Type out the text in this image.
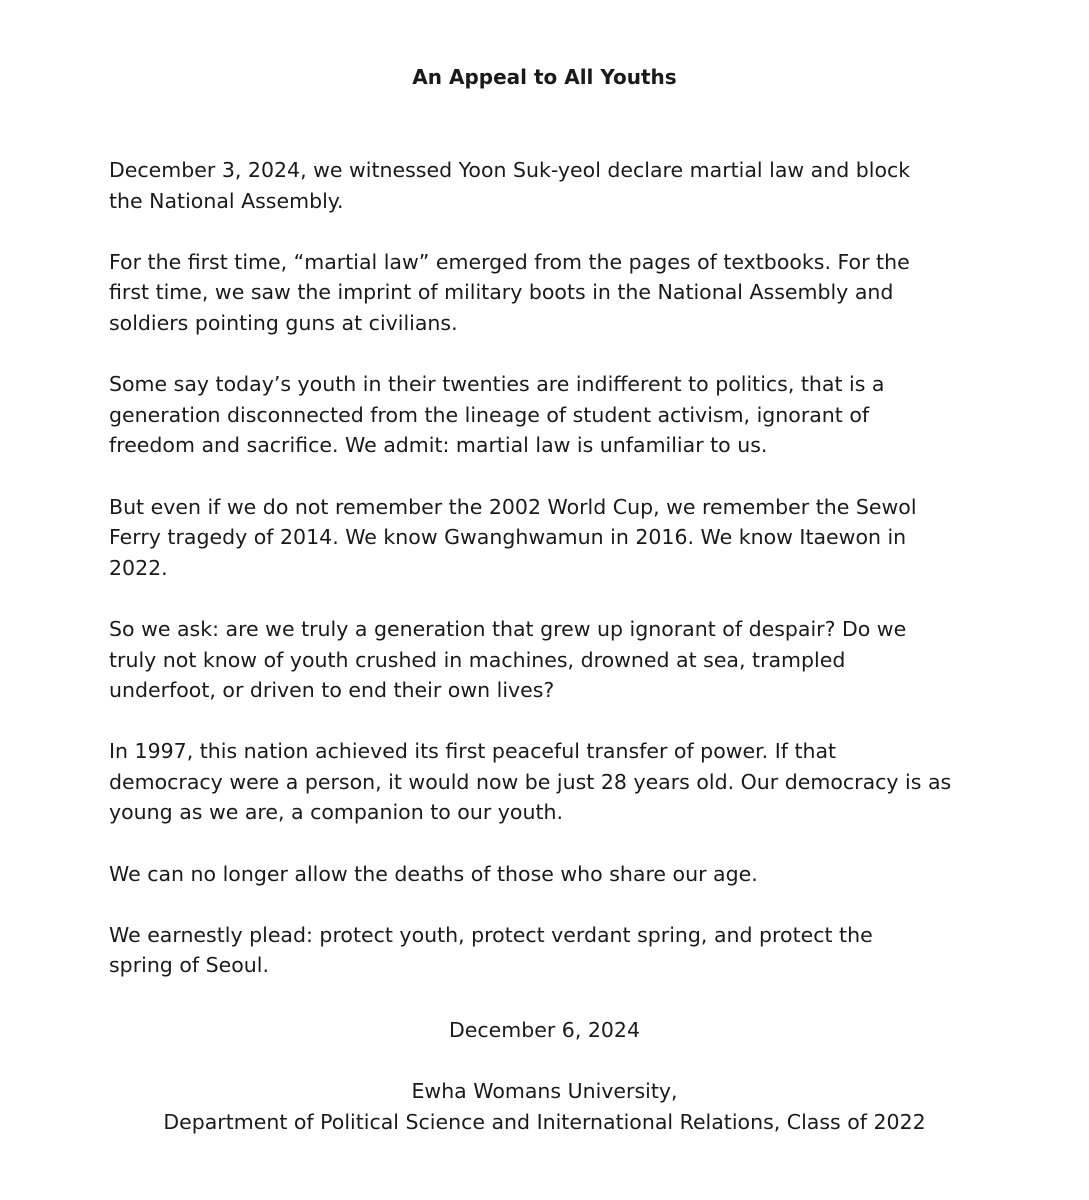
An Appeal to All Youths

December 3, 2024, we witnessed Yoon Suk-yeol declare martial law and block
the National Assembly.

For the first time, “martial law” emerged from the pages of textbooks. For the
first time, we saw the imprint of military boots in the National Assembly and
soldiers pointing guns at civilians.

Some say today’s youth in their twenties are indifferent to politics, that is a
generation disconnected from the lineage of student activism, ignorant of
freedom and sacrifice. We admit: martial law is unfamiliar to us.

But even if we do not remember the 2002 World Cup, we remember the Sewol
Ferry tragedy of 2014. We know Gwanghwamun in 2016. We know Itaewon in
2022.

So we ask: are we truly a generation that grew up ignorant of despair? Do we
truly not know of youth crushed in machines, drowned at sea, trampled
underfoot, or driven to end their own lives?

In 1997, this nation achieved its first peaceful transfer of power. If that
democracy were a person, it would now be just 28 years old. Our democracy is as
young as we are, a companion to our youth.

We can no longer allow the deaths of those who share our age.

We earnestly plead: protect youth, protect verdant spring, and protect the
spring of Seoul.

December 6, 2024
Ewha Womans University,
Department of Political Science and Initernational Relations, Class of 2022
